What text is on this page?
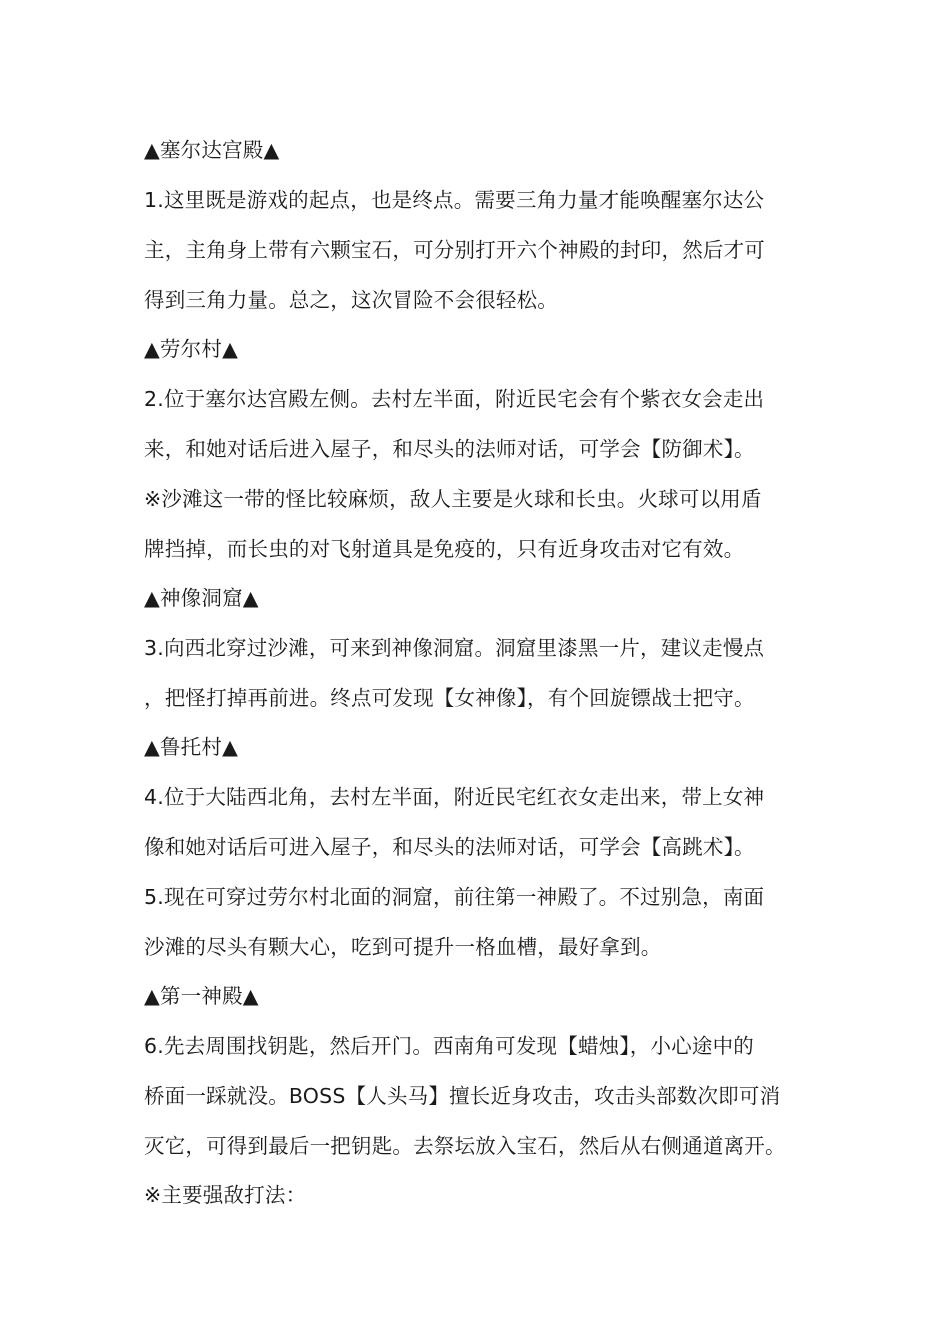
▲塞尔达宫殿▲
1.这里既是游戏的起点，也是终点。需要三角力量才能唤醒塞尔达公
主，主角身上带有六颗宝石，可分别打开六个神殿的封印，然后才可
得到三角力量。总之，这次冒险不会很轻松。
▲劳尔村▲
2.位于塞尔达宫殿左侧。去村左半面，附近民宅会有个紫衣女会走出
来，和她对话后进入屋子，和尽头的法师对话，可学会【防御术】。
※沙滩这一带的怪比较麻烦，敌人主要是火球和长虫。火球可以用盾
牌挡掉，而长虫的对飞射道具是免疫的，只有近身攻击对它有效。
▲神像洞窟▲
3.向西北穿过沙滩，可来到神像洞窟。洞窟里漆黑一片，建议走慢点
，把怪打掉再前进。终点可发现【女神像】，有个回旋镖战士把守。
▲鲁托村▲
4.位于大陆西北角，去村左半面，附近民宅红衣女走出来，带上女神
像和她对话后可进入屋子，和尽头的法师对话，可学会【高跳术】。
5.现在可穿过劳尔村北面的洞窟，前往第一神殿了。不过别急，南面
沙滩的尽头有颗大心，吃到可提升一格血槽，最好拿到。
▲第一神殿▲
6.先去周围找钥匙，然后开门。西南角可发现【蜡烛】，小心途中的
桥面一踩就没。BOSS【人头马】擅长近身攻击，攻击头部数次即可消
灭它，可得到最后一把钥匙。去祭坛放入宝石，然后从右侧通道离开。
※主要强敌打法：
